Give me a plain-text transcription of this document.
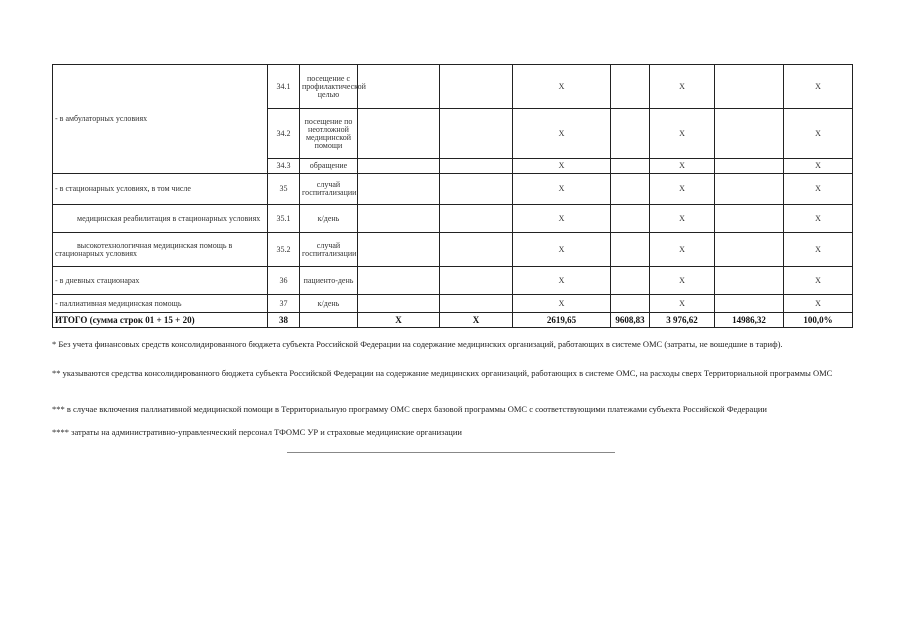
- в амбулаторных условиях	34.1	посещение с профилактической целью			X		X		X
	34.2	посещение по неотложной медицинской помощи			X		X		X
	34.3	обращение			X		X		X
- в стационарных условиях, в том числе	35	случай госпитализации			X		X		X
медицинская реабилитация в стационарных условиях	35.1	к/день			X		X		X
высокотехнологичная медицинская помощь в стационарных условиях	35.2	случай госпитализации			X		X		X
- в дневных стационарах	36	пациенто-день			X		X		X
- паллиативная медицинская помощь	37	к/день			X		X		X
ИТОГО (сумма строк 01 + 15 + 20)	38		X	X	2619,65	9608,83	3 976,62	14986,32	100,0%
* Без учета финансовых средств консолидированного бюджета субъекта Российской Федерации на содержание медицинских организаций, работающих в системе ОМС (затраты, не вошедшие в тариф).
** указываются средства консолидированного бюджета субъекта Российской Федерации на содержание медицинских организаций, работающих в системе ОМС, на расходы сверх Территориальной программы ОМС
*** в случае включения паллиативной медицинской помощи в Территориальную программу ОМС сверх базовой программы ОМС с соответствующими платежами субъекта Российской Федерации
**** затраты на административно-управленческий персонал ТФОМС УР и страховые медицинские организации
